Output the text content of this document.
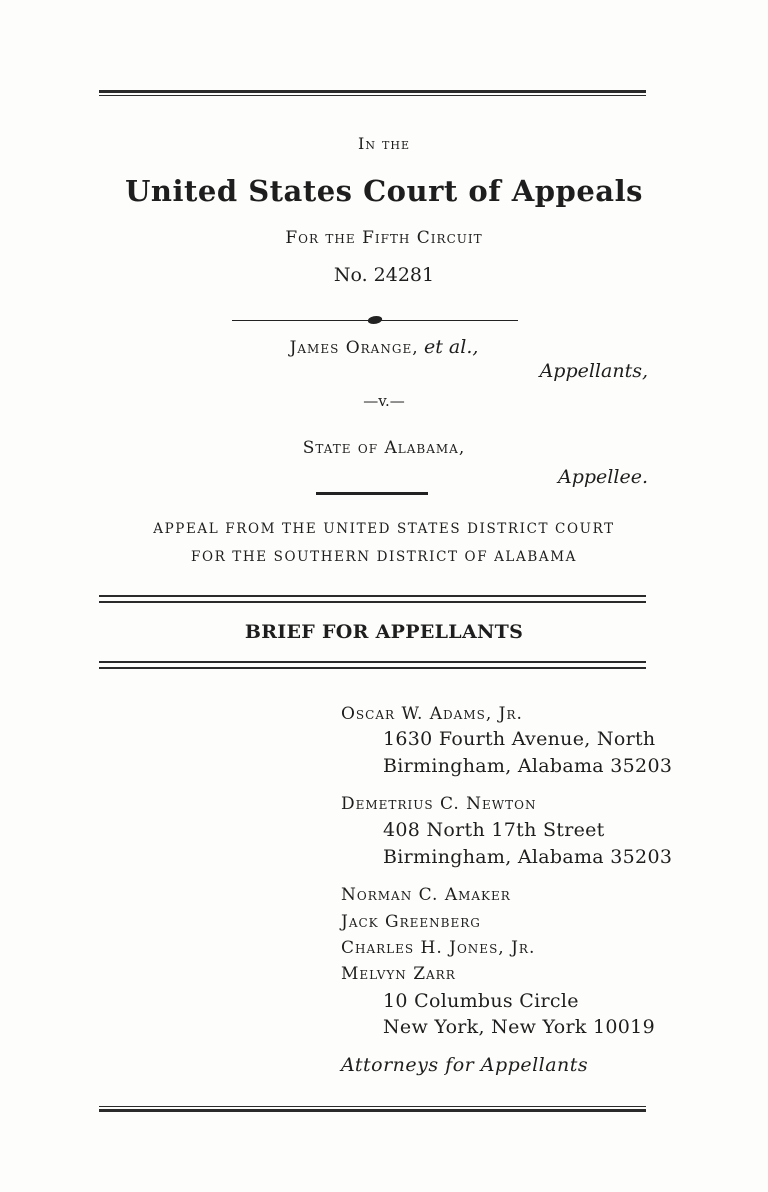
In the
United States Court of Appeals
For the Fifth Circuit
No. 24281
James Orange, et al.,
Appellants,
—v.—
State of Alabama,
Appellee.
APPEAL FROM THE UNITED STATES DISTRICT COURT
FOR THE SOUTHERN DISTRICT OF ALABAMA
BRIEF FOR APPELLANTS
Oscar W. Adams, Jr.
1630 Fourth Avenue, North
Birmingham, Alabama 35203
Demetrius C. Newton
408 North 17th Street
Birmingham, Alabama 35203
Norman C. Amaker
Jack Greenberg
Charles H. Jones, Jr.
Melvyn Zarr
10 Columbus Circle
New York, New York 10019
Attorneys for Appellants
